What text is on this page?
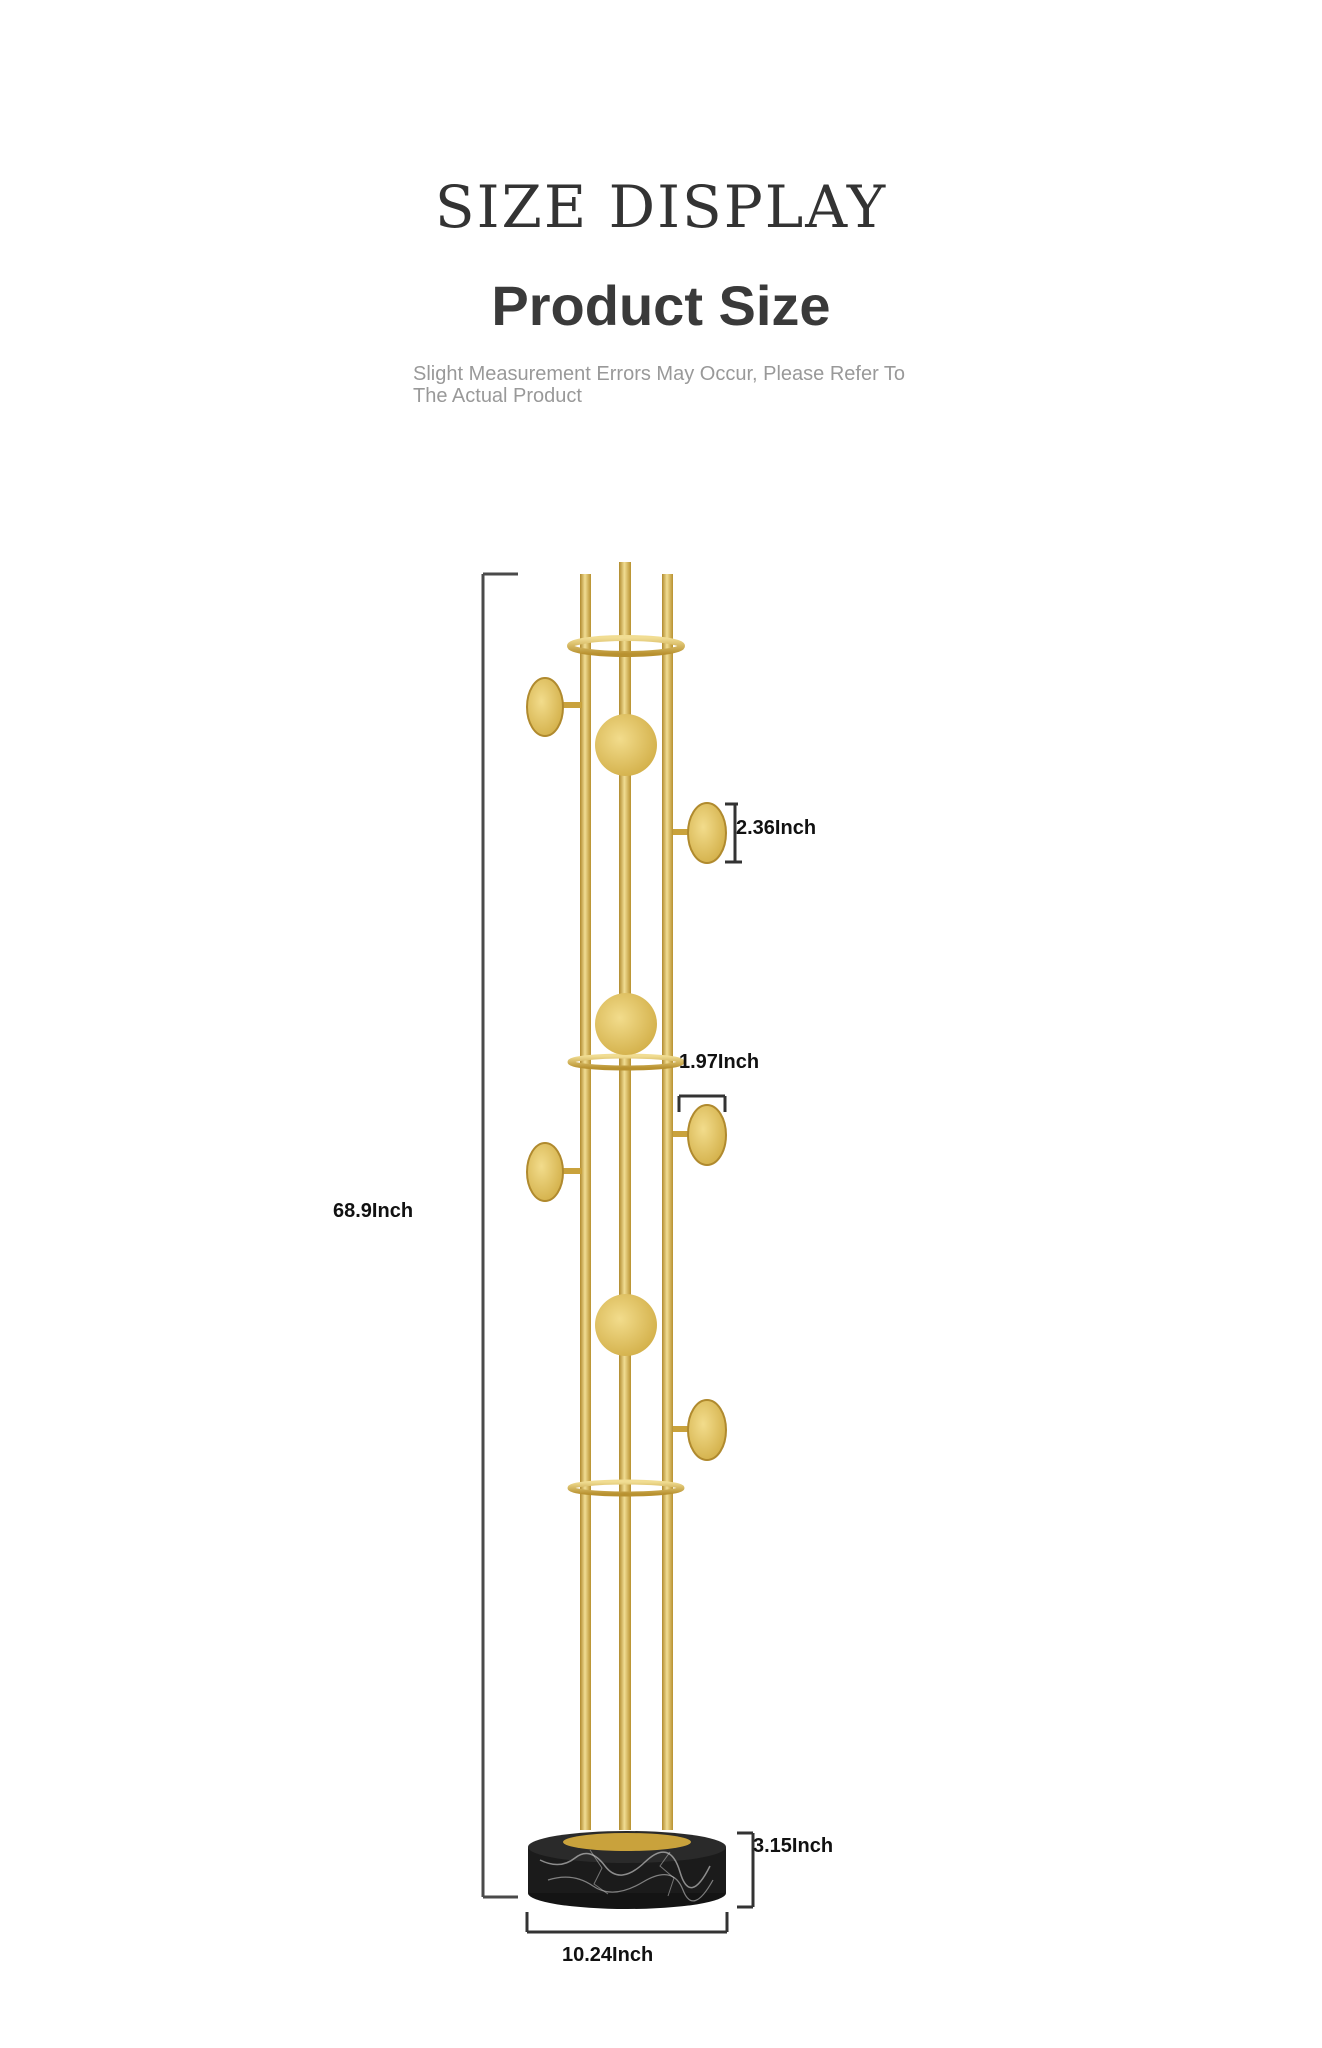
SIZE DISPLAY
Product Size
Slight Measurement Errors May Occur, Please Refer To The Actual Product
68.9Inch
2.36Inch
1.97Inch
3.15Inch
10.24Inch
